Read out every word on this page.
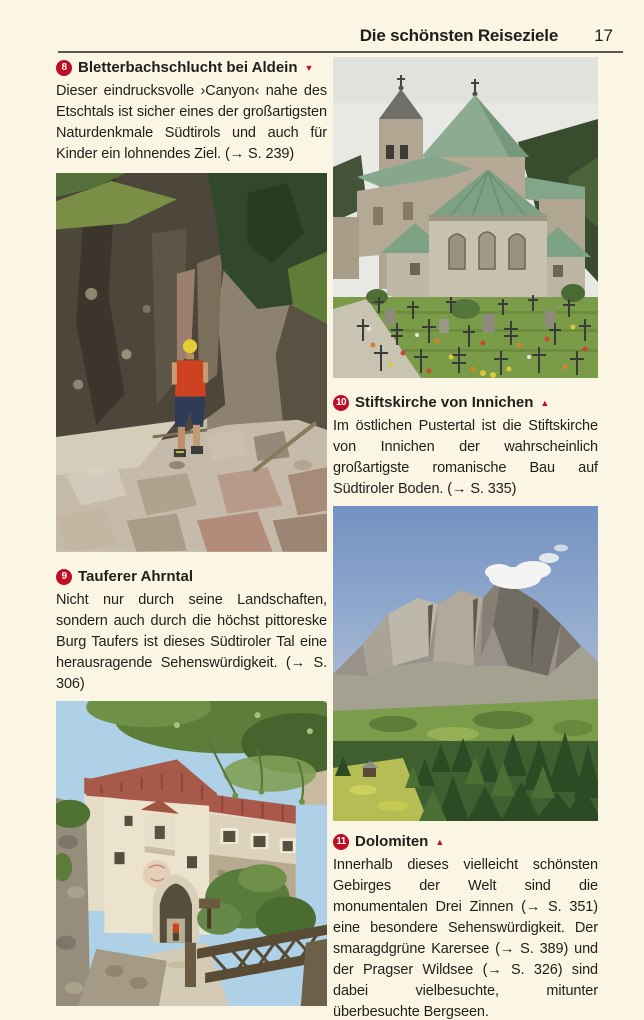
Die schönsten Reiseziele 17
8 Bletterbachschlucht bei Aldein ▼

Dieser eindrucksvolle ›Canyon‹ nahe des Etschtals ist sicher eines der großartigsten Naturdenkmale Südtirols und auch für Kinder ein lohnendes Ziel. (→ S. 239)

9 Tauferer Ahrntal

Nicht nur durch seine Landschaften, sondern auch durch die höchst pittoreske Burg Taufers ist dieses Südtiroler Tal eine herausragende Sehenswürdigkeit. (→ S. 306)

10 Stiftskirche von Innichen ▲

Im östlichen Pustertal ist die Stiftskirche von Innichen der wahrscheinlich großartigste romanische Bau auf Südtiroler Boden. (→ S. 335)

11 Dolomiten ▲

Innerhalb dieses vielleicht schönsten Gebirges der Welt sind die monumentalen Drei Zinnen (→ S. 351) eine besondere Sehenswürdigkeit. Der smaragdgrüne Karersee (→ S. 389) und der Pragser Wildsee (→ S. 326) sind dabei vielbesuchte, mitunter überbesuchte Bergseen.
